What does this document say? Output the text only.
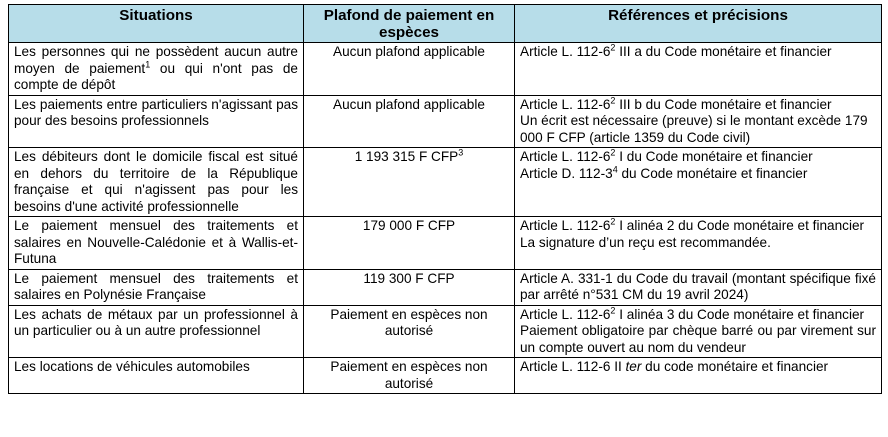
Situations	Plafond de paiement en espèces	Références et précisions
Les personnes qui ne possèdent aucun autre moyen de paiement$^1$ ou qui n'ont pas de compte de dépôt	Aucun plafond applicable	Article L. $112-6^2$ III a du Code monétaire et financier

Les paiements entre particuliers n'agissant pas pour des besoins professionnels	Aucun plafond applicable	Article L. $112-6^2$ III b du Code monétaire et financier
Un écrit est nécessaire (preuve) si le montant excède 179 000 F CFP (article 1359 du Code civil)

Les débiteurs dont le domicile fiscal est situé en dehors du territoire de la République française et qui n'agissent pas pour les besoins d'une activité professionnelle	1 193 315 F CFP$^3$	Article L. $112-6^2$ I du Code monétaire et financier
Article D. $112-3^4$ du Code monétaire et financier

Le paiement mensuel des traitements et salaires en Nouvelle-Calédonie et à Wallis-et-Futuna	179 000 F CFP	Article L. $112-6^2$ I alinéa 2 du Code monétaire et financier
La signature d’un reçu est recommandée.

Le paiement mensuel des traitements et salaires en Polynésie Française	119 300 F CFP	Article A. 331-1 du Code du travail (montant spécifique fixé par arrêté n°531 CM du 19 avril 2024)

Les achats de métaux par un professionnel à un particulier ou à un autre professionnel	Paiement en espèces non autorisé	Article L. $112-6^2$ I alinéa 3 du Code monétaire et financier
Paiement obligatoire par chèque barré ou par virement sur un compte ouvert au nom du vendeur

Les locations de véhicules automobiles	Paiement en espèces non autorisé	Article L. 112-6 II ter du code monétaire et financier
